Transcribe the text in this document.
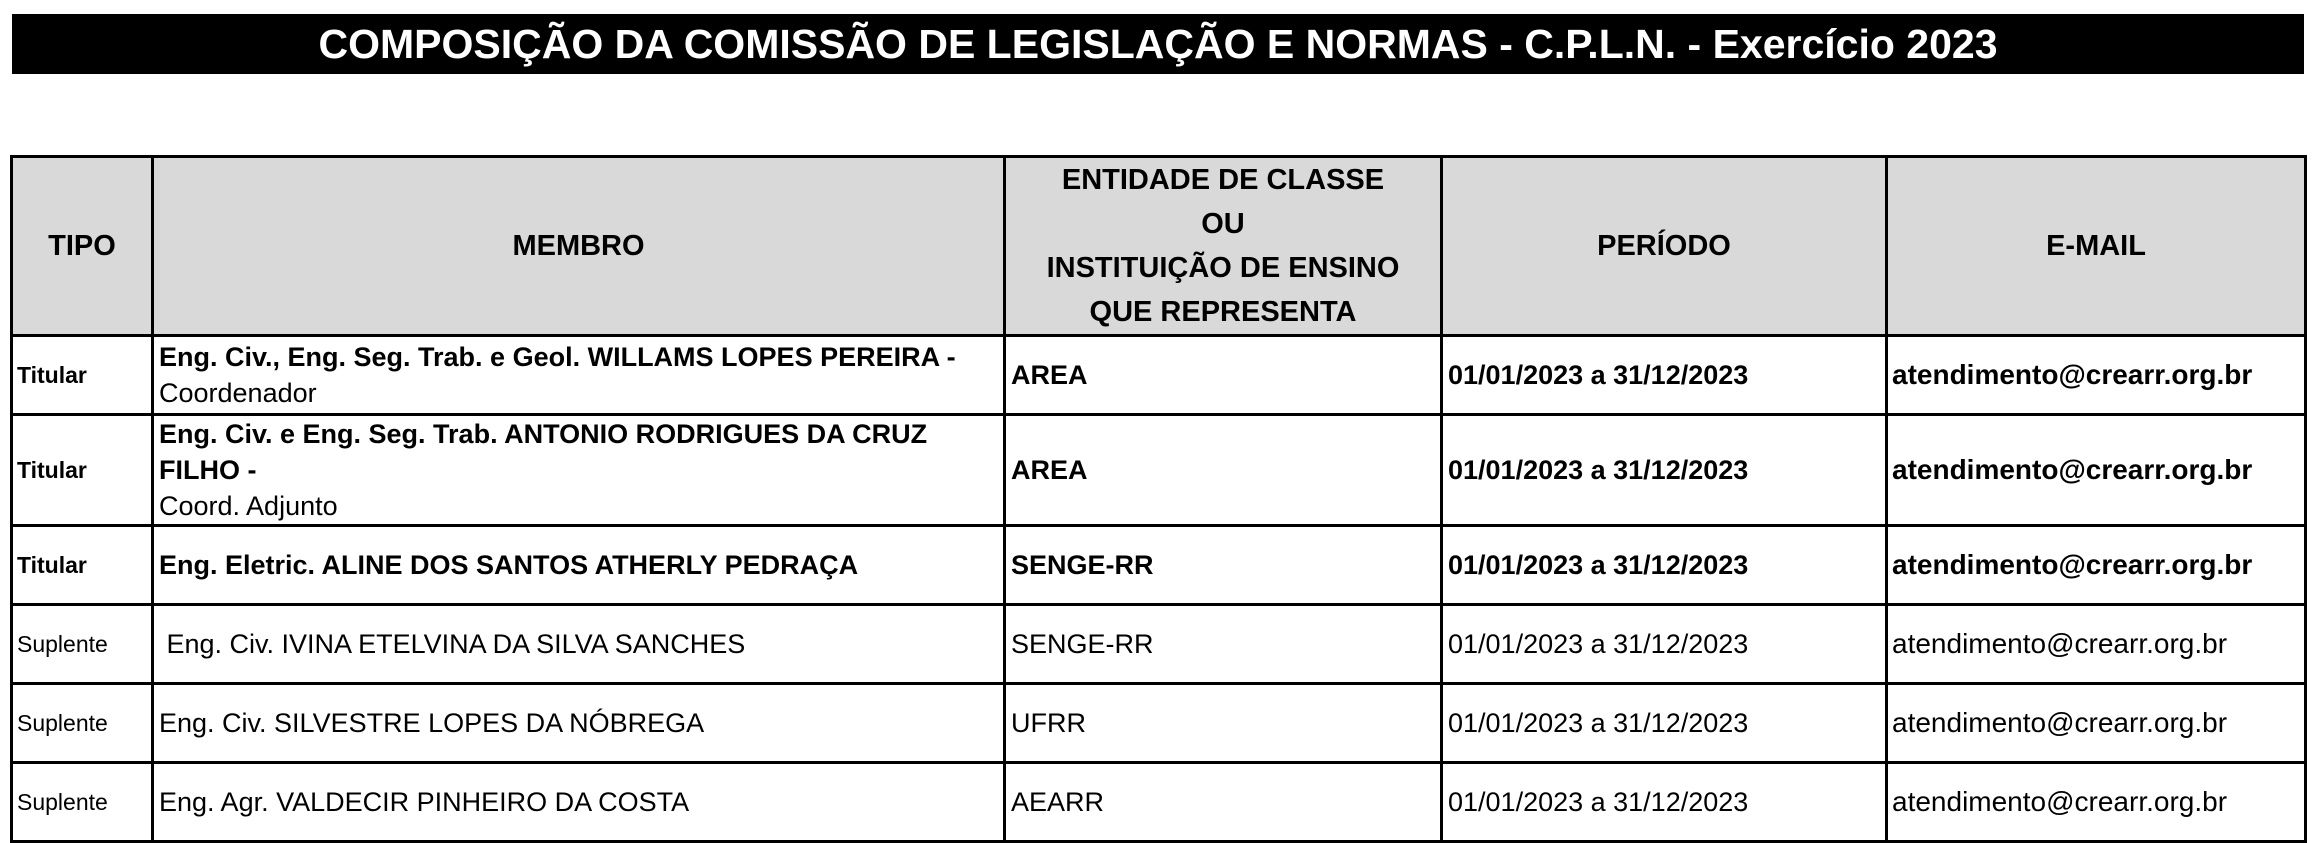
COMPOSIÇÃO DA COMISSÃO DE LEGISLAÇÃO E NORMAS - C.P.L.N. - Exercício 2023
TIPO	MEMBRO	ENTIDADE DE CLASSE
OU
INSTITUIÇÃO DE ENSINO
QUE REPRESENTA	PERÍODO	E-MAIL
Titular	Eng. Civ., Eng. Seg. Trab. e Geol. WILLAMS LOPES PEREIRA -
Coordenador	AREA	01/01/2023 a 31/12/2023	atendimento@crearr.org.br
Titular	Eng. Civ. e Eng. Seg. Trab. ANTONIO RODRIGUES DA CRUZ FILHO -
Coord. Adjunto	AREA	01/01/2023 a 31/12/2023	atendimento@crearr.org.br
Titular	Eng. Eletric. ALINE DOS SANTOS ATHERLY PEDRAÇA	SENGE-RR	01/01/2023 a 31/12/2023	atendimento@crearr.org.br
Suplente	Eng. Civ. IVINA ETELVINA DA SILVA SANCHES	SENGE-RR	01/01/2023 a 31/12/2023	atendimento@crearr.org.br
Suplente	Eng. Civ. SILVESTRE LOPES DA NÓBREGA	UFRR	01/01/2023 a 31/12/2023	atendimento@crearr.org.br
Suplente	Eng. Agr. VALDECIR PINHEIRO DA COSTA	AEARR	01/01/2023 a 31/12/2023	atendimento@crearr.org.br
